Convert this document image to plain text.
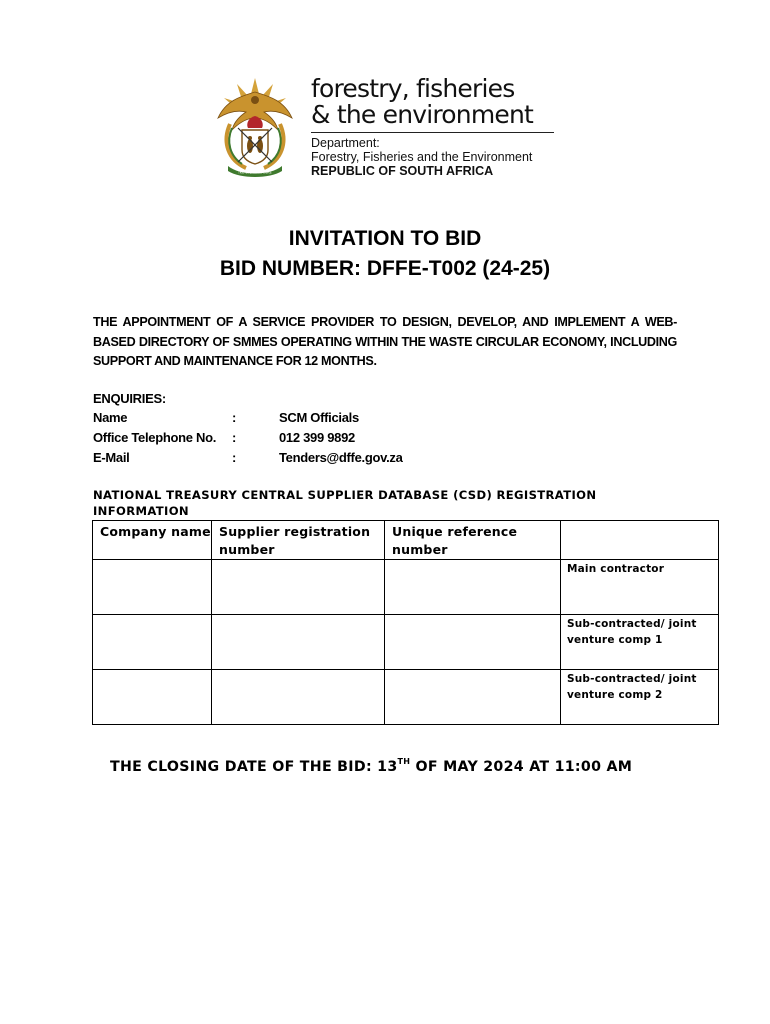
!KE E: /XARRA //KE
forestry, fisheries
& the environment
Department:
Forestry, Fisheries and the Environment
REPUBLIC OF SOUTH AFRICA
INVITATION TO BID
BID NUMBER: DFFE-T002 (24-25)
THE APPOINTMENT OF A SERVICE PROVIDER TO DESIGN, DEVELOP, AND IMPLEMENT A WEB-BASED DIRECTORY OF SMMES OPERATING WITHIN THE WASTE CIRCULAR ECONOMY, INCLUDING SUPPORT AND MAINTENANCE FOR 12 MONTHS.
ENQUIRIES:
Name	:	SCM Officials
Office Telephone No. :	012 399 9892
E-Mail	:	Tenders@dffe.gov.za
NATIONAL TREASURY CENTRAL SUPPLIER DATABASE (CSD) REGISTRATION INFORMATION
Company name	Supplier registration number	Unique reference number	

			Main contractor

			Sub-contracted/ joint venture comp 1

			Sub-contracted/ joint venture comp 2
THE CLOSING DATE OF THE BID: 13TH OF MAY 2024 AT 11:00 AM
